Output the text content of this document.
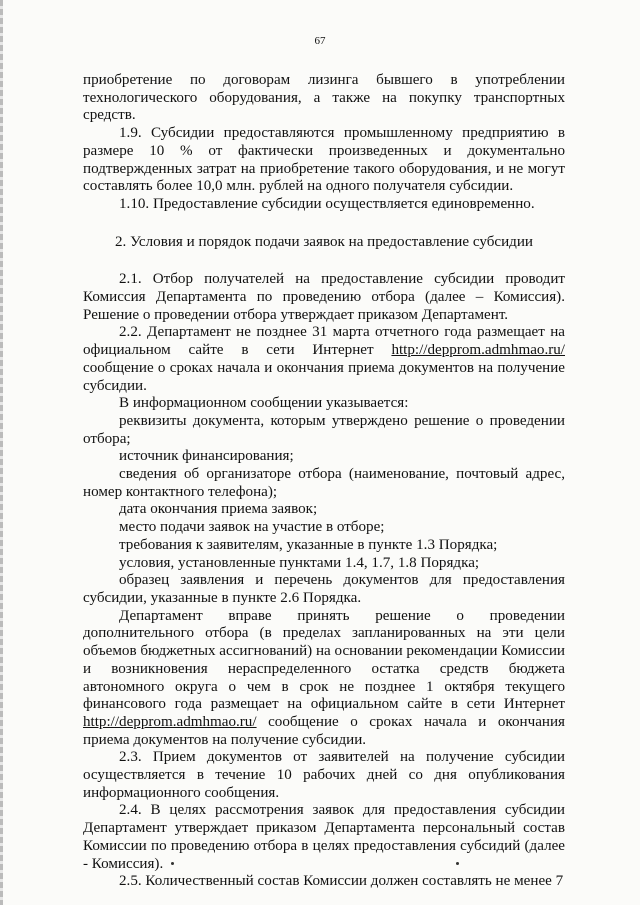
67

приобретение по договорам лизинга бывшего в употреблении технологического оборудования, а также на покупку транспортных средств.

1.9. Субсидии предоставляются промышленному предприятию в размере 10 % от фактически произведенных и документально подтвержденных затрат на приобретение такого оборудования, и не могут составлять более 10,0 млн. рублей на одного получателя субсидии.

1.10. Предоставление субсидии осуществляется единовременно.

2. Условия и порядок подачи заявок на предоставление субсидии

2.1. Отбор получателей на предоставление субсидии проводит Комиссия Департамента по проведению отбора (далее – Комиссия). Решение о проведении отбора утверждает приказом Департамент.

2.2. Департамент не позднее 31 марта отчетного года размещает на официальном сайте в сети Интернет http://depprom.admhmao.ru/ сообщение о сроках начала и окончания приема документов на получение субсидии.

В информационном сообщении указывается:

реквизиты документа, которым утверждено решение о проведении отбора;

источник финансирования;

сведения об организаторе отбора (наименование, почтовый адрес, номер контактного телефона);

дата окончания приема заявок;

место подачи заявок на участие в отборе;

требования к заявителям, указанные в пункте 1.3 Порядка;

условия, установленные пунктами 1.4, 1.7, 1.8 Порядка;

образец заявления и перечень документов для предоставления субсидии, указанные в пункте 2.6 Порядка.

Департамент вправе принять решение о проведении дополнительного отбора (в пределах запланированных на эти цели объемов бюджетных ассигнований) на основании рекомендации Комиссии и возникновения нераспределенного остатка средств бюджета автономного округа о чем в срок не позднее 1 октября текущего финансового года размещает на официальном сайте в сети Интернет http://depprom.admhmao.ru/ сообщение о сроках начала и окончания приема документов на получение субсидии.

2.3. Прием документов от заявителей на получение субсидии осуществляется в течение 10 рабочих дней со дня опубликования информационного сообщения.

2.4. В целях рассмотрения заявок для предоставления субсидии Департамент утверждает приказом Департамента персональный состав Комиссии по проведению отбора в целях предоставления субсидий (далее - Комиссия).

2.5. Количественный состав Комиссии должен составлять не менее 7
